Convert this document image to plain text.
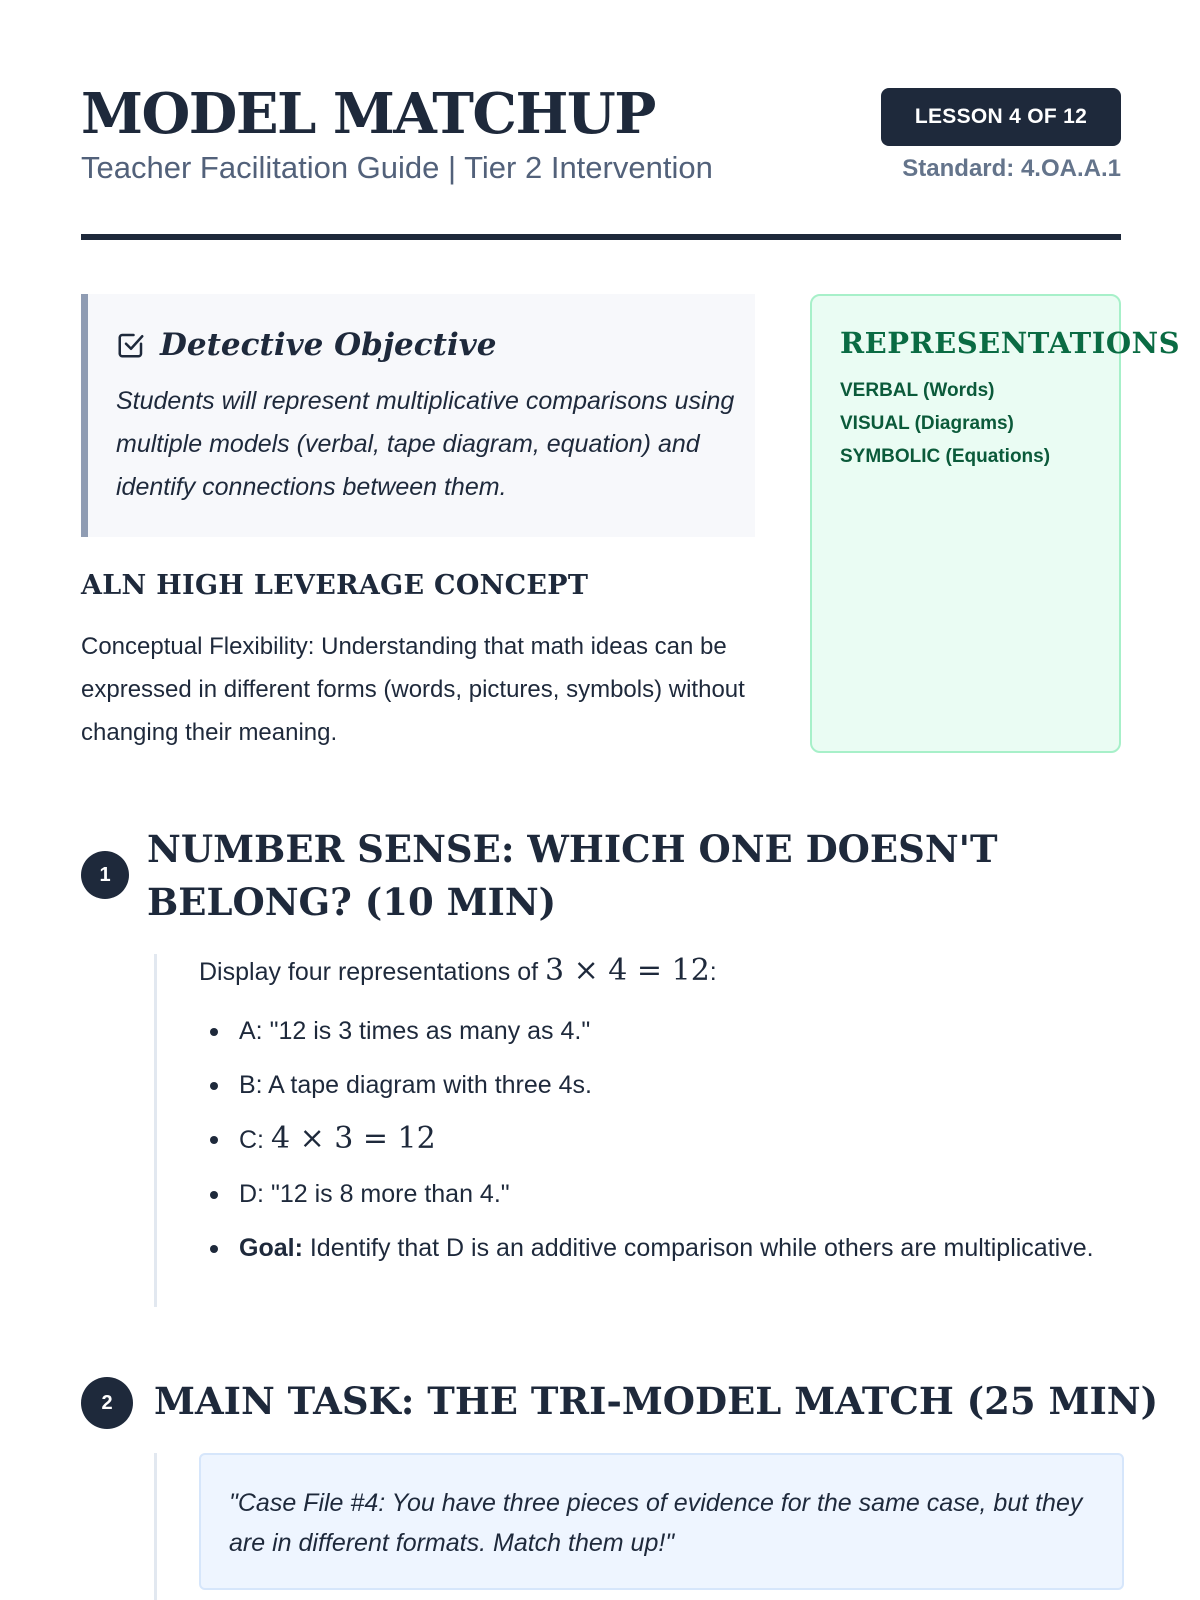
MODEL MATCHUP
Teacher Facilitation Guide | Tier 2 Intervention
LESSON 4 OF 12
Standard: 4.OA.A.1
Detective Objective

Students will represent multiplicative comparisons using multiple models (verbal, tape diagram, equation) and identify connections between them.

ALN HIGH LEVERAGE CONCEPT

Conceptual Flexibility: Understanding that math ideas can be expressed in different forms (words, pictures, symbols) without changing their meaning.

REPRESENTATIONS
VERBAL (Words)
VISUAL (Diagrams)
SYMBOLIC (Equations)
1
NUMBER SENSE: WHICH ONE DOESN'T BELONG? (10 MIN)

Display four representations of 3 × 4 = 12:

A: "12 is 3 times as many as 4."
B: A tape diagram with three 4s.
C: 4 × 3 = 12
D: "12 is 8 more than 4."
Goal: Identify that D is an additive comparison while others are multiplicative.
2	MAIN TASK: THE TRI-MODEL MATCH (25 MIN)

"Case File #4: You have three pieces of evidence for the same case, but they are in different formats. Match them up!"
